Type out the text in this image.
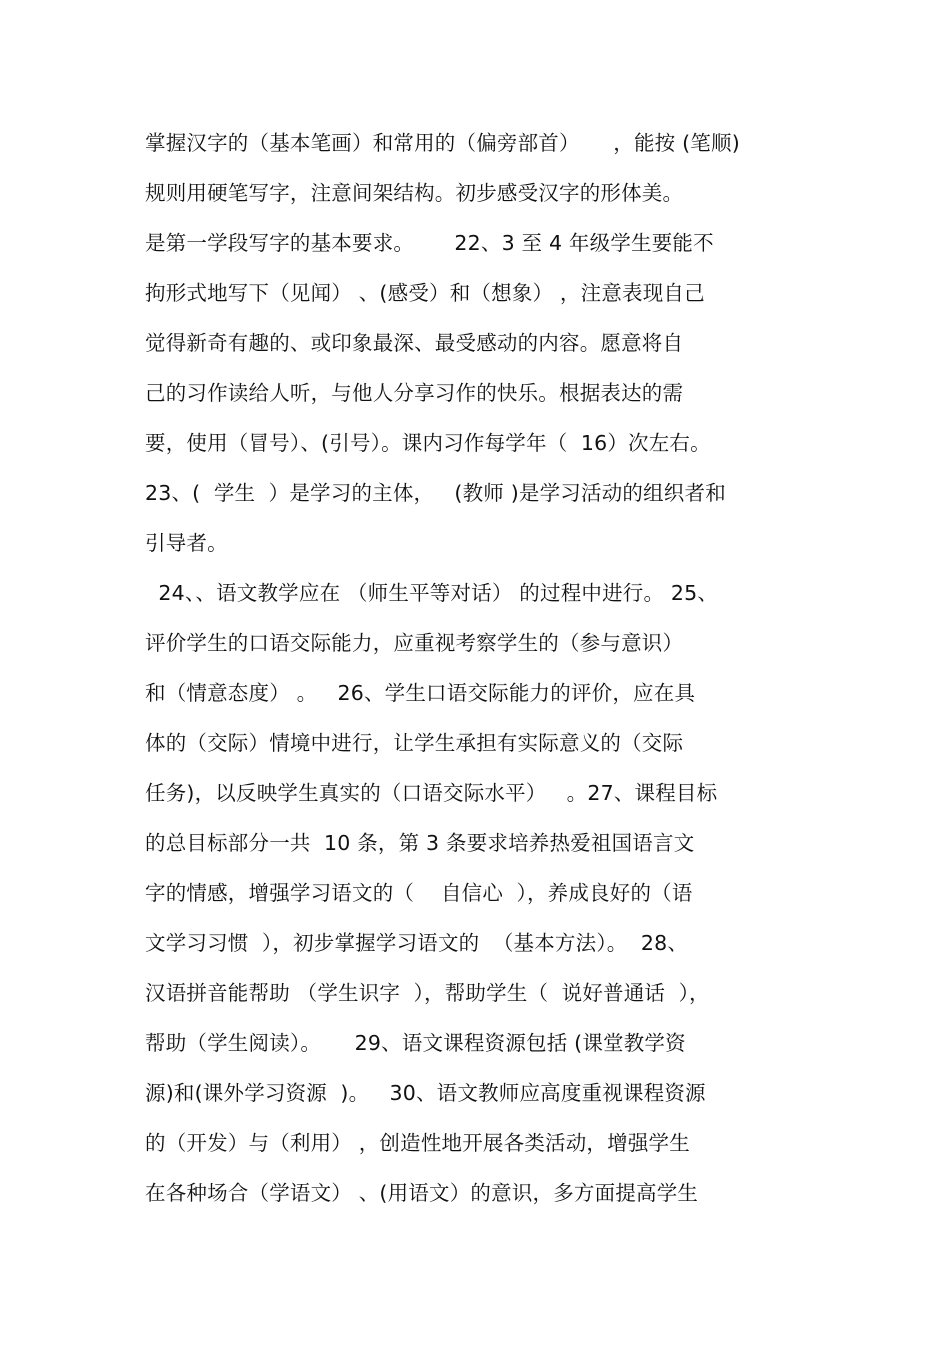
掌握汉字的（基本笔画）和常用的（偏旁部首）     ，能按 (笔顺)
规则用硬笔写字，注意间架结构。初步感受汉字的形体美。
是第一学段写字的基本要求。      22、3 至 4 年级学生要能不
拘形式地写下（见闻） 、(感受）和（想象） ，注意表现自己
觉得新奇有趣的、或印象最深、最受感动的内容。愿意将自
己的习作读给人听，与他人分享习作的快乐。根据表达的需
要，使用（冒号）、(引号）。课内习作每学年（  16）次左右。
23、(  学生  ）是学习的主体，   (教师 )是学习活动的组织者和
引导者。
24、、语文教学应在 （师生平等对话） 的过程中进行。 25、
评价学生的口语交际能力，应重视考察学生的（参与意识）
和（情意态度） 。   26、学生口语交际能力的评价，应在具
体的（交际）情境中进行，让学生承担有实际意义的（交际
任务)，以反映学生真实的（口语交际水平）   。27、课程目标
的总目标部分一共  10 条，第 3 条要求培养热爱祖国语言文
字的情感，增强学习语文的（    自信心  ），养成良好的（语
文学习习惯  ），初步掌握学习语文的  （基本方法）。  28、
汉语拼音能帮助 （学生识字  ），帮助学生（  说好普通话  ），
帮助（学生阅读）。     29、语文课程资源包括 (课堂教学资
源)和(课外学习资源  )。   30、语文教师应高度重视课程资源
的（开发）与（利用） ，创造性地开展各类活动，增强学生
在各种场合（学语文） 、(用语文）的意识，多方面提高学生
